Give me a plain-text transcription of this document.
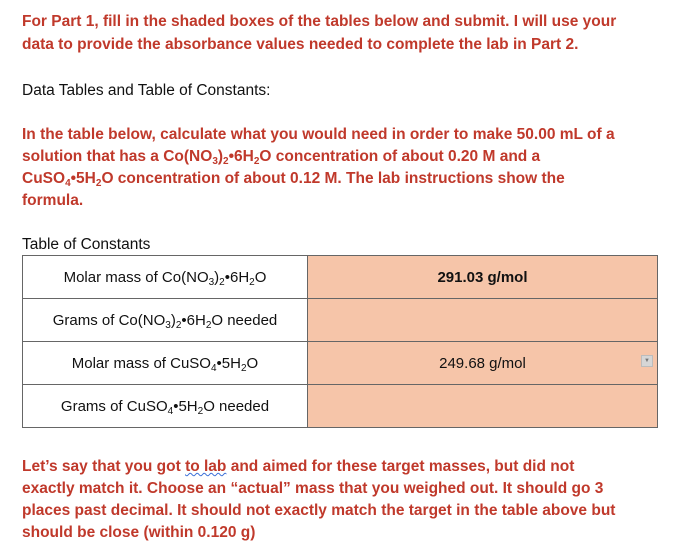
For Part 1, fill in the shaded boxes of the tables below and submit. I will use your
data to provide the absorbance values needed to complete the lab in Part 2.
Data Tables and Table of Constants:
In the table below, calculate what you would need in order to make 50.00 mL of a
solution that has a $Co(NO_3)_2•6H_2O$ concentration of about 0.20 M and a
$CuSO_4•5H_2O$ concentration of about 0.12 M. The lab instructions show the
formula.
Table of Constants
Molar mass of $Co(NO_3)_2•6H_2O$	291.03 g/mol
Grams of $Co(NO_3)_2•6H_2O$ needed	
Molar mass of $CuSO_4•5H_2O$	249.68 g/mol ▼

Grams of $CuSO_4•5H_2O$ needed	
Let’s say that you got to lab and aimed for these target masses, but did not
exactly match it. Choose an “actual” mass that you weighed out. It should go 3
places past decimal. It should not exactly match the target in the table above but
should be close (within 0.120 g)
